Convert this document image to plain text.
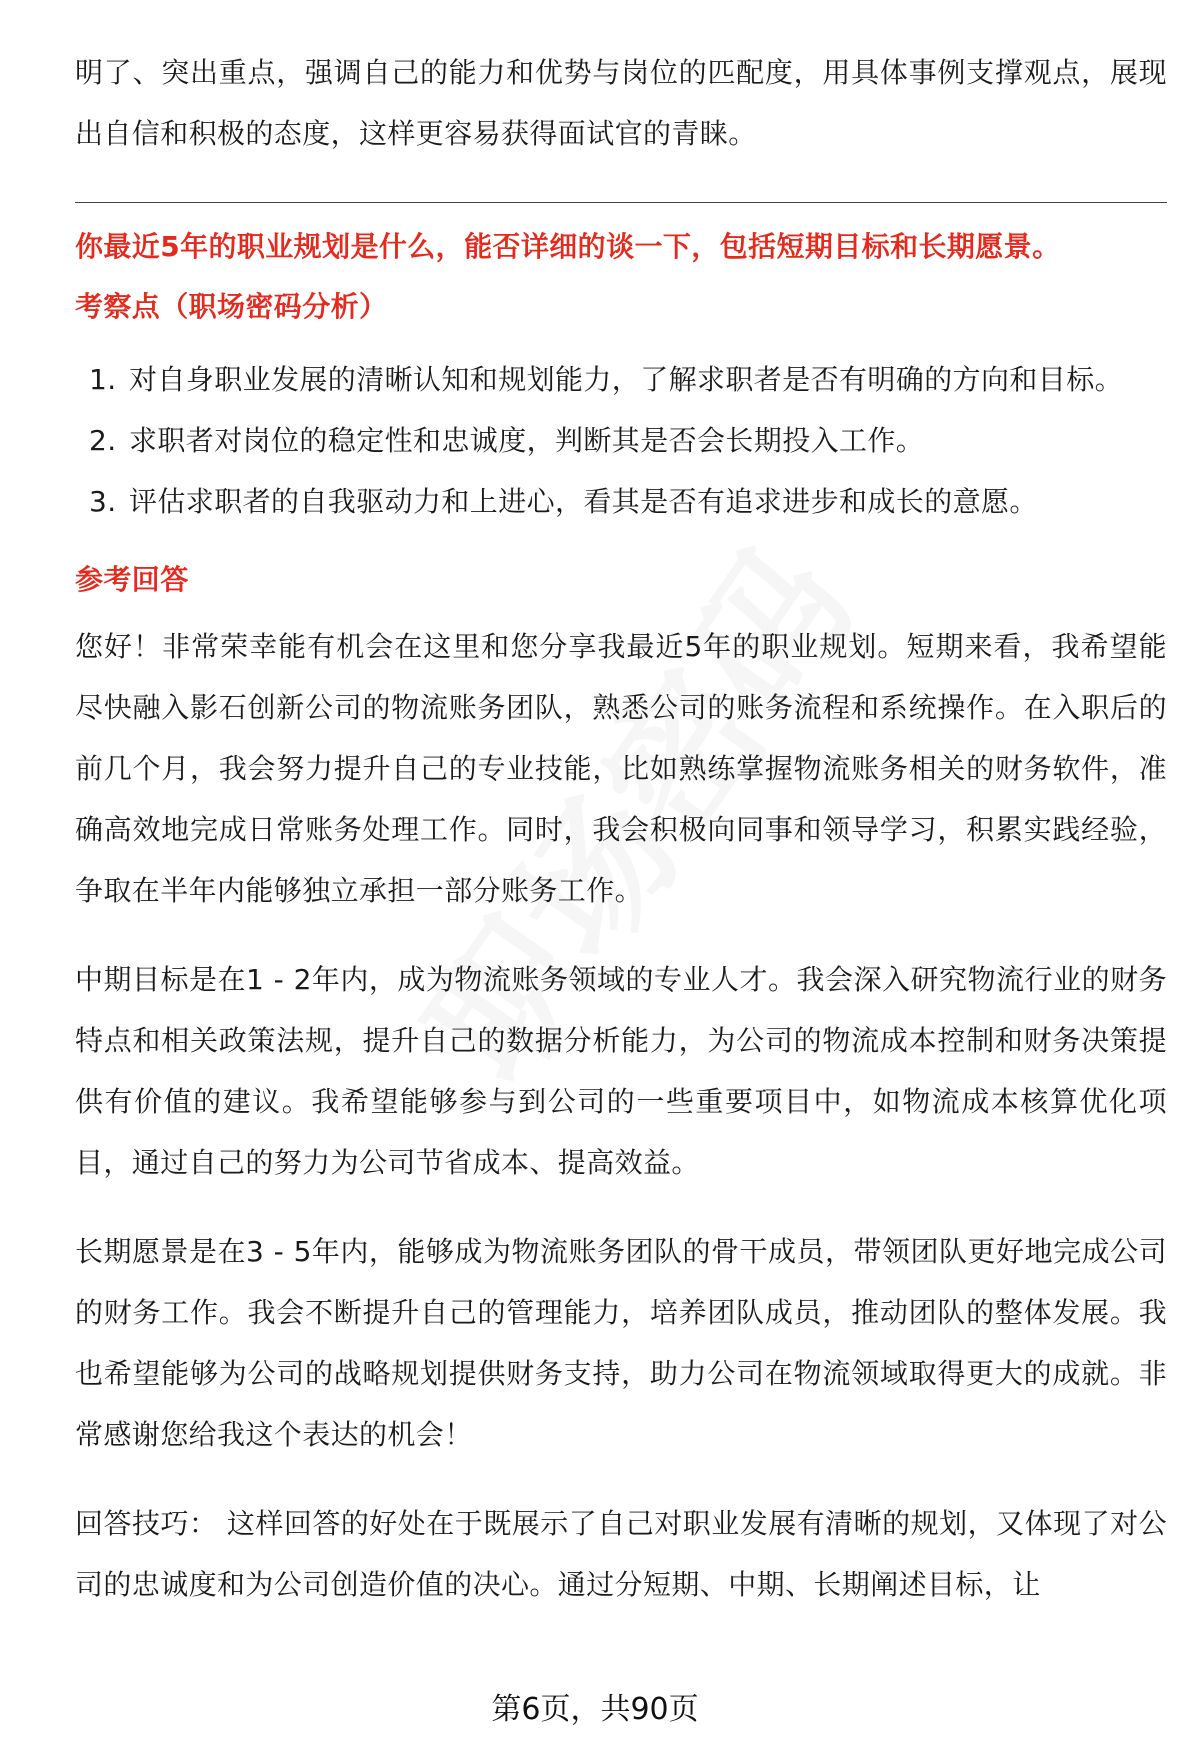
明了、突出重点，强调自己的能力和优势与岗位的匹配度，用具体事例支撑观点，展现出自信和积极的态度，这样更容易获得面试官的青睐。

你最近5年的职业规划是什么，能否详细的谈一下，包括短期目标和长期愿景。
考察点（职场密码分析）
1. 对自身职业发展的清晰认知和规划能力，了解求职者是否有明确的方向和目标。
2. 求职者对岗位的稳定性和忠诚度，判断其是否会长期投入工作。
3. 评估求职者的自我驱动力和上进心，看其是否有追求进步和成长的意愿。
参考回答

您好！非常荣幸能有机会在这里和您分享我最近5年的职业规划。短期来看，我希望能尽快融入影石创新公司的物流账务团队，熟悉公司的账务流程和系统操作。在入职后的前几个月，我会努力提升自己的专业技能，比如熟练掌握物流账务相关的财务软件，准确高效地完成日常账务处理工作。同时，我会积极向同事和领导学习，积累实践经验，争取在半年内能够独立承担一部分账务工作。

中期目标是在1 - 2年内，成为物流账务领域的专业人才。我会深入研究物流行业的财务特点和相关政策法规，提升自己的数据分析能力，为公司的物流成本控制和财务决策提供有价值的建议。我希望能够参与到公司的一些重要项目中，如物流成本核算优化项目，通过自己的努力为公司节省成本、提高效益。

长期愿景是在3 - 5年内，能够成为物流账务团队的骨干成员，带领团队更好地完成公司的财务工作。我会不断提升自己的管理能力，培养团队成员，推动团队的整体发展。我也希望能够为公司的战略规划提供财务支持，助力公司在物流领域取得更大的成就。非常感谢您给我这个表达的机会！

回答技巧： 这样回答的好处在于既展示了自己对职业发展有清晰的规划，又体现了对公司的忠诚度和为公司创造价值的决心。通过分短期、中期、长期阐述目标，让

第6页，共90页
